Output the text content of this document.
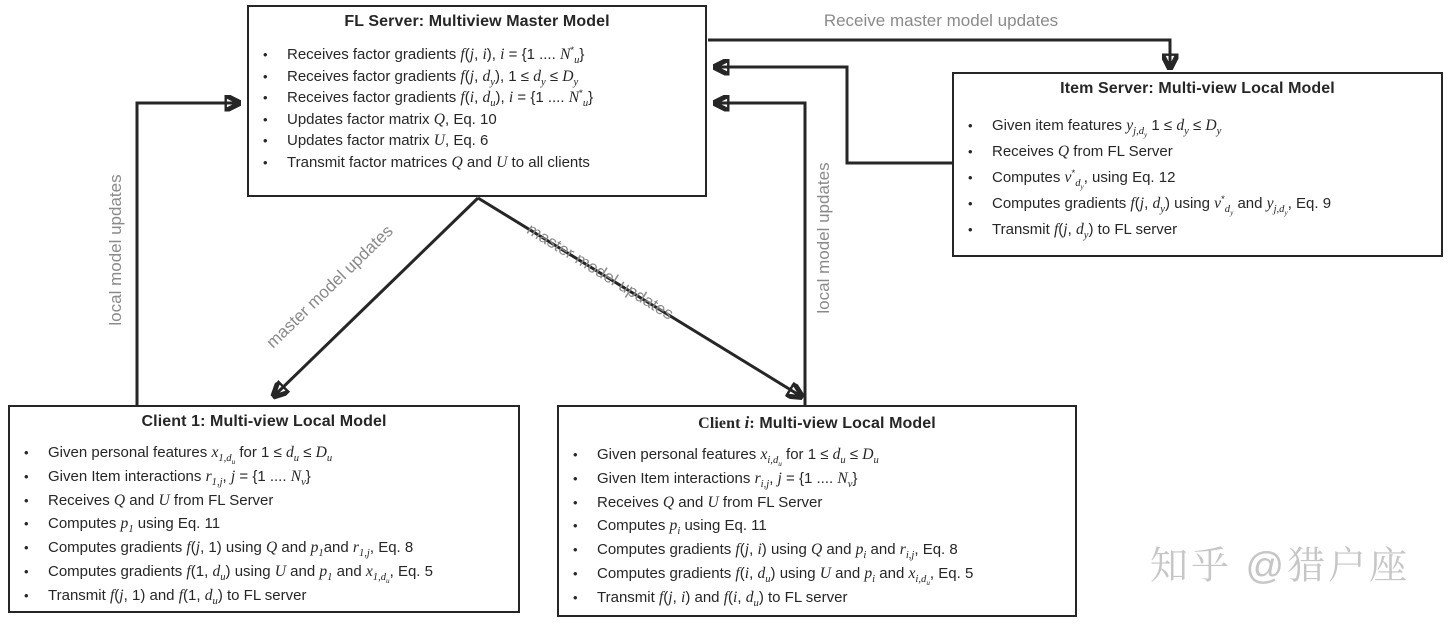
FL Server: Multiview Master Model
• Receives factor gradients f(j, i), i = {1 .... $N^*_u$}
• Receives factor gradients f(j, $d_y$), $1 \le d_y \le D_y$
• Receives factor gradients f(i, $d_u$), i = {1 .... $N^*_u$}
• Updates factor matrix Q, Eq. 10
• Updates factor matrix U, Eq. 6
• Transmit factor matrices Q and U to all clients
Item Server: Multi-view Local Model
• Given item features $y_{j,d_y}$ $1 \le d_y \le D_y$
• Receives Q from FL Server
• Computes $v^*_{d_y}$, using Eq. 12
• Computes gradients f(j, $d_y$) using $v^*_{d_y}$ and $y_{j,d_y}$, Eq. 9
• Transmit f(j, $d_y$) to FL server
Client 1: Multi-view Local Model
• Given personal features $x_{1,d_u}$ for $1 \le d_u \le D_u$
• Given Item interactions $r_{1,j}$, j = {1 .... $N_v$}
• Receives Q and U from FL Server
• Computes $p_1$ using Eq. 11
• Computes gradients f(j, 1) using Q and $p_1and$ $r_{1,j}$, Eq. 8
• Computes gradients f(1, $d_u$) using U and $p_1$ and $x_{1,d_u}$, Eq. 5
• Transmit f(j, 1) and f(1, $d_u$) to FL server
Client i: Multi-view Local Model
• Given personal features $x_{i,d_u}$ for $1 \le d_u \le D_u$
• Given Item interactions $r_{i,j}$, j = {1 .... $N_v$}
• Receives Q and U from FL Server
• Computes $p_i$ using Eq. 11
• Computes gradients f(j, i) using Q and $p_i$ and $r_{i,j}$, Eq. 8
• Computes gradients f(i, $d_u$) using U and $p_i$ and $x_{i,d_u}$, Eq. 5
• Transmit f(j, i) and f(i, $d_u$) to FL server
Receive master model updates
local model updates	local model updates
master model updates	master model updates
知乎 @猎户座
